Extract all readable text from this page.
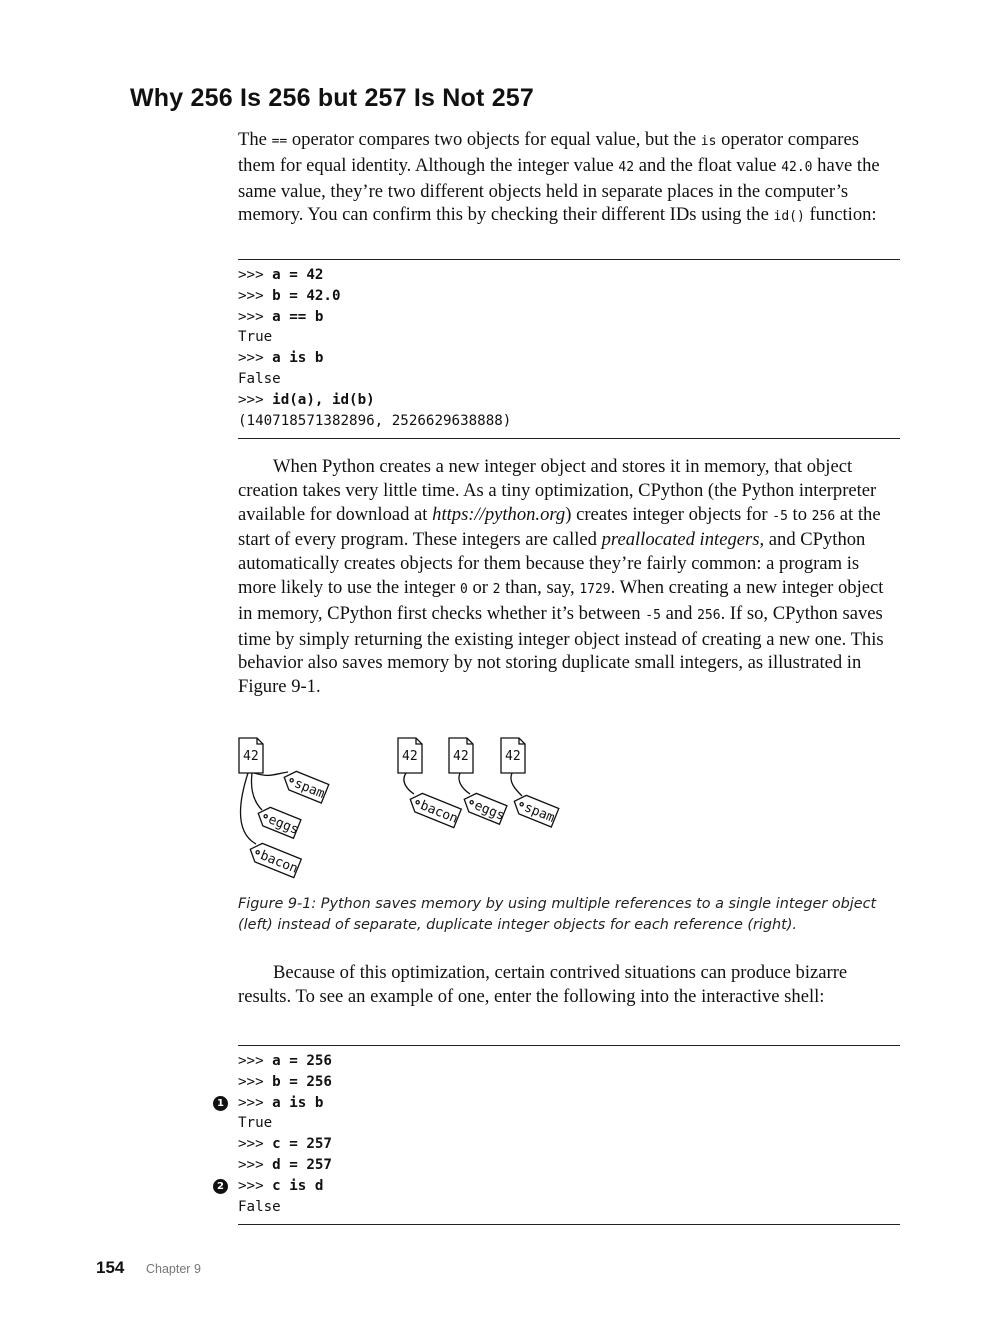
Why 256 Is 256 but 257 Is Not 257

The == operator compares two objects for equal value, but the is operator compares them for equal identity. Although the integer value 42 and the float value 42.0 have the same value, they’re two different objects held in separate places in the computer’s memory. You can confirm this by checking their different IDs using the id() function:

>>> a = 42
>>> b = 42.0
>>> a == b
True
>>> a is b
False
>>> id(a), id(b)
(140718571382896, 2526629638888)

When Python creates a new integer object and stores it in memory, that object creation takes very little time. As a tiny optimization, CPython (the Python interpreter available for download at https://python.org) creates integer objects for -5 to 256 at the start of every program. These integers are called preallocated integers, and CPython automatically creates objects for them because they’re fairly common: a program is more likely to use the integer 0 or 2 than, say, 1729. When creating a new integer object in memory, CPython first checks whether it’s between -5 and 256. If so, CPython saves time by simply returning the existing integer object instead of creating a new one. This behavior also saves memory by not storing duplicate small integers, as illustrated in Figure 9-1.

42	42	42	42
spam
eggs
bacon
bacon eggs spam

Figure 9-1: Python saves memory by using multiple references to a single integer object (left) instead of separate, duplicate integer objects for each reference (right).

Because of this optimization, certain contrived situations can produce bizarre results. To see an example of one, enter the following into the interactive shell:

>>> a = 256
>>> b = 256
1 >>> a is b
True
>>> c = 257
>>> d = 257
2 >>> c is d
False
154 Chapter 9
